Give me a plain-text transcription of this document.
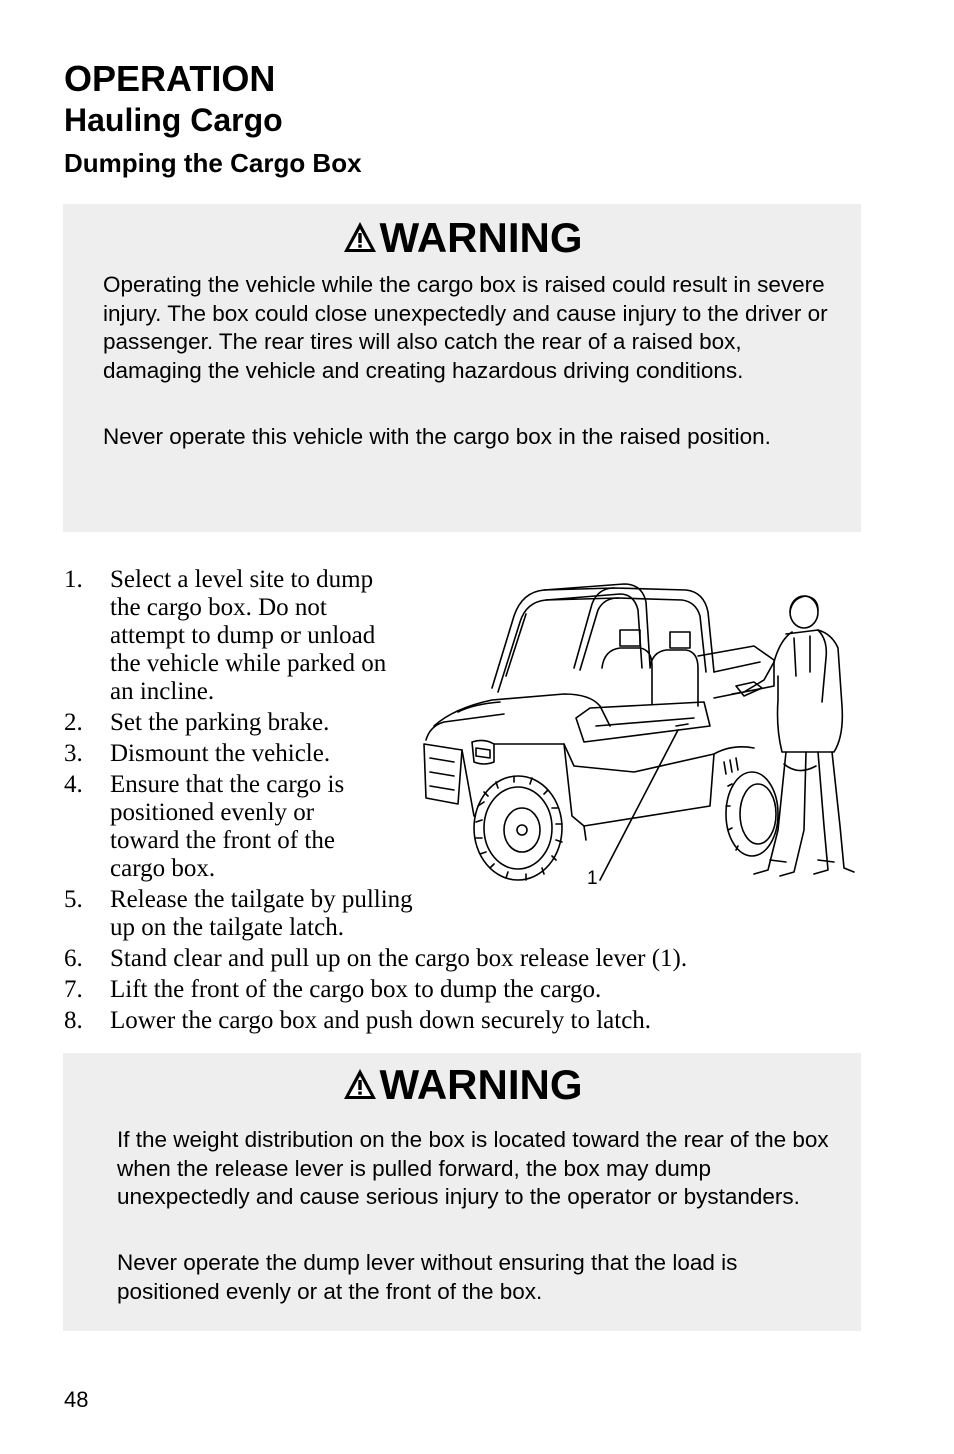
OPERATION
Hauling Cargo
Dumping the Cargo Box
WARNING
Operating the vehicle while the cargo box is raised could result in severe injury. The box could close unexpectedly and cause injury to the driver or passenger. The rear tires will also catch the rear of a raised box, damaging the vehicle and creating hazardous driving conditions.
Never operate this vehicle with the cargo box in the raised position.
1. Select a level site to dump the cargo box. Do not attempt to dump or unload the vehicle while parked on an incline.
2. Set the parking brake.
3. Dismount the vehicle.
4. Ensure that the cargo is positioned evenly or toward the front of the cargo box.
5. Release the tailgate by pulling up on the tailgate latch.
6. Stand clear and pull up on the cargo box release lever (1).
7. Lift the front of the cargo box to dump the cargo.
8. Lower the cargo box and push down securely to latch.
1
WARNING
If the weight distribution on the box is located toward the rear of the box when the release lever is pulled forward, the box may dump unexpectedly and cause serious injury to the operator or bystanders.
Never operate the dump lever without ensuring that the load is positioned evenly or at the front of the box.
48
